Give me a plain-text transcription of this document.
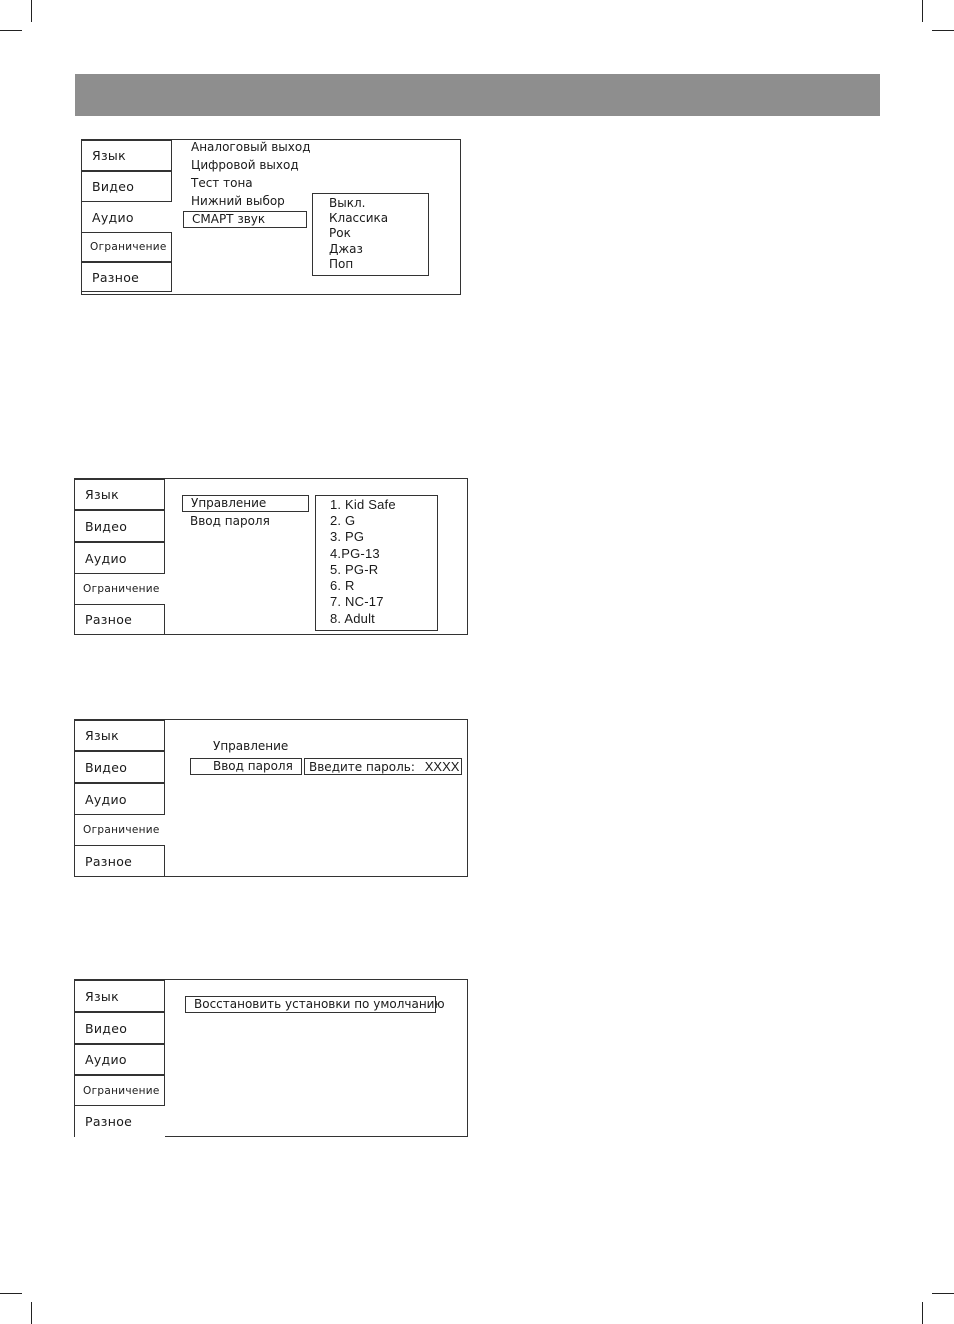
Язык
Видео
Аудио
Ограничение
Разное
Аналоговый выход
Цифровой выход
Тест тона
Нижний выбор
СМАРТ звук
Выкл.
Классика
Рок
Джаз
Поп
Язык
Видео
Аудио
Ограничение
Разное
Управление
Ввод пароля
1. Kid Safe
2. G
3. PG
4.PG-13
5. PG-R
6. R
7. NC-17
8. Adult
Язык
Видео
Аудио
Ограничение
Разное
Управление
Ввод пароля	Введите пароль: XXXX
Язык
Видео
Аудио
Ограничение
Разное
Восстановить установки по умолчанию
